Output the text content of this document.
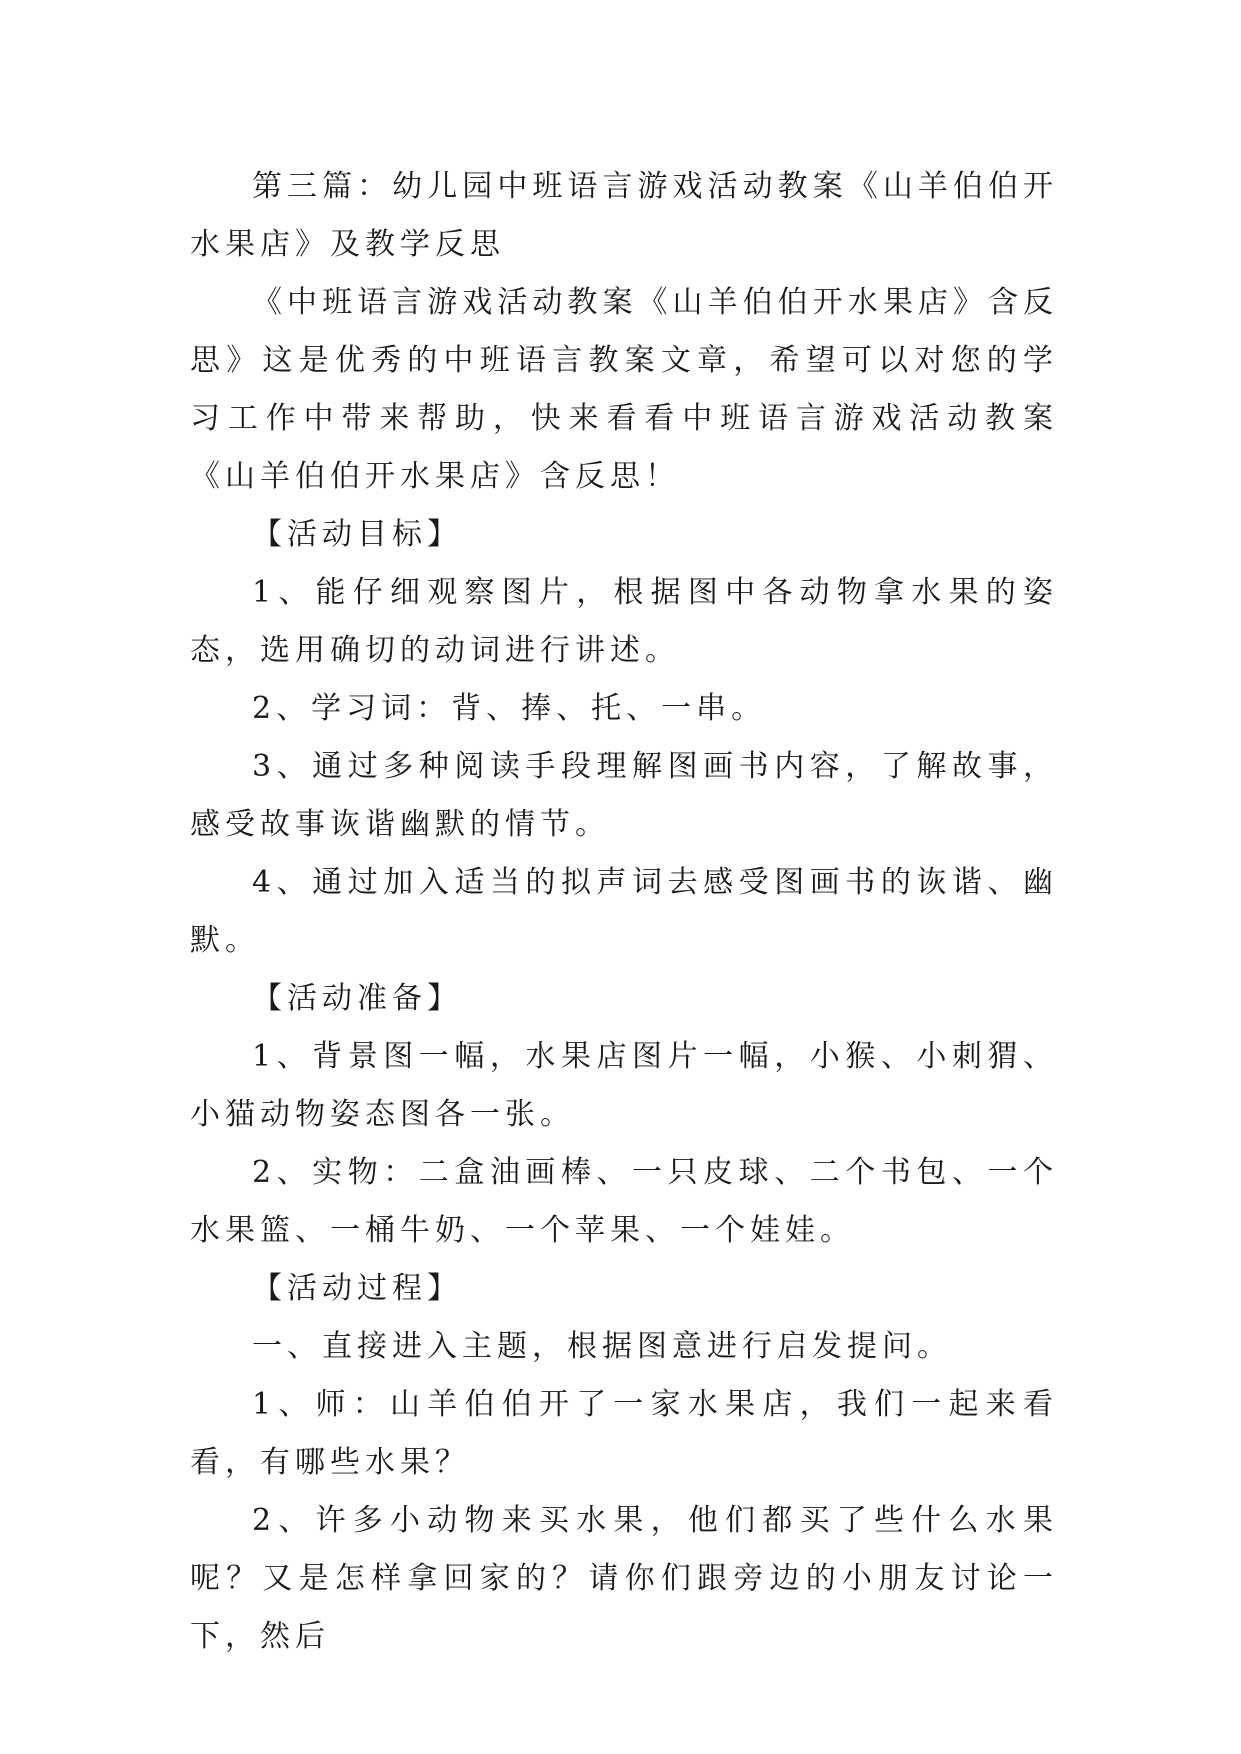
第三篇：幼儿园中班语言游戏活动教案《山羊伯伯开水果店》及教学反思

《中班语言游戏活动教案《山羊伯伯开水果店》含反思》这是优秀的中班语言教案文章，希望可以对您的学习工作中带来帮助，快来看看中班语言游戏活动教案《山羊伯伯开水果店》含反思！

【活动目标】

1、能仔细观察图片，根据图中各动物拿水果的姿态，选用确切的动词进行讲述。

2、学习词：背、捧、托、一串。

3、通过多种阅读手段理解图画书内容，了解故事，感受故事诙谐幽默的情节。

4、通过加入适当的拟声词去感受图画书的诙谐、幽默。

【活动准备】

1、背景图一幅，水果店图片一幅，小猴、小刺猬、小猫动物姿态图各一张。

2、实物：二盒油画棒、一只皮球、二个书包、一个水果篮、一桶牛奶、一个苹果、一个娃娃。

【活动过程】

一、直接进入主题，根据图意进行启发提问。

1、师：山羊伯伯开了一家水果店，我们一起来看看，有哪些水果？

2、许多小动物来买水果，他们都买了些什么水果呢？又是怎样拿回家的？请你们跟旁边的小朋友讨论一下，然后
